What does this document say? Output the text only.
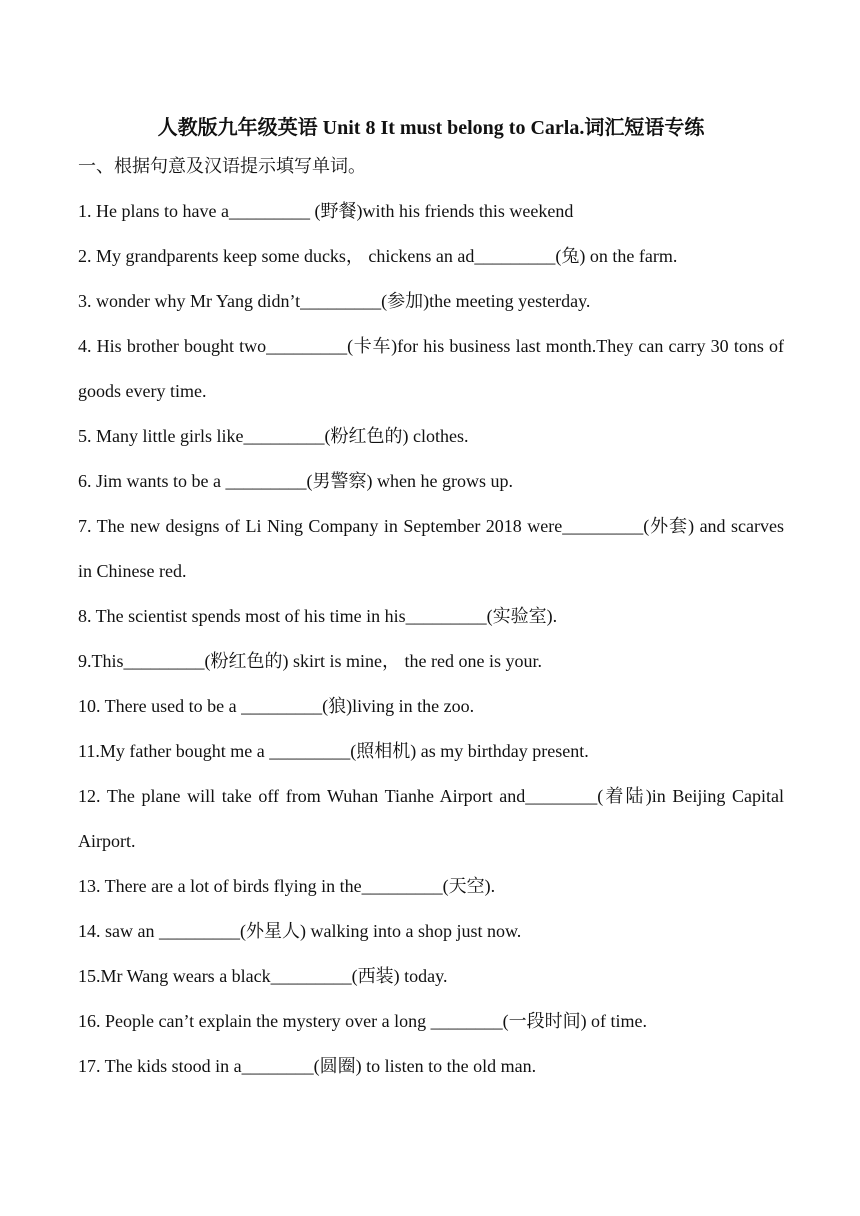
人教版九年级英语 Unit 8 It must belong to Carla.词汇短语专练

一、根据句意及汉语提示填写单词。

1. He plans to have a_________ (野餐)with his friends this weekend

2. My grandparents keep some ducks， chickens an ad_________(兔) on the farm.

3. wonder why Mr Yang didn’t_________(参加)the meeting yesterday.

4. His brother bought two_________(卡车)for his business last month.They can carry 30 tons of goods every time.

5. Many little girls like_________(粉红色的) clothes.

6. Jim wants to be a _________(男警察) when he grows up.

7. The new designs of Li Ning Company in September 2018 were_________(外套) and scarves in Chinese red.

8. The scientist spends most of his time in his_________(实验室).

9.This_________(粉红色的) skirt is mine， the red one is your.

10. There used to be a _________(狼)living in the zoo.

11.My father bought me a _________(照相机) as my birthday present.

12. The plane will take off from Wuhan Tianhe Airport and________(着陆)in Beijing Capital Airport.

13. There are a lot of birds flying in the_________(天空).

14. saw an _________(外星人) walking into a shop just now.

15.Mr Wang wears a black_________(西装) today.

16. People can’t explain the mystery over a long ________(一段时间) of time.

17. The kids stood in a________(圆圈) to listen to the old man.
